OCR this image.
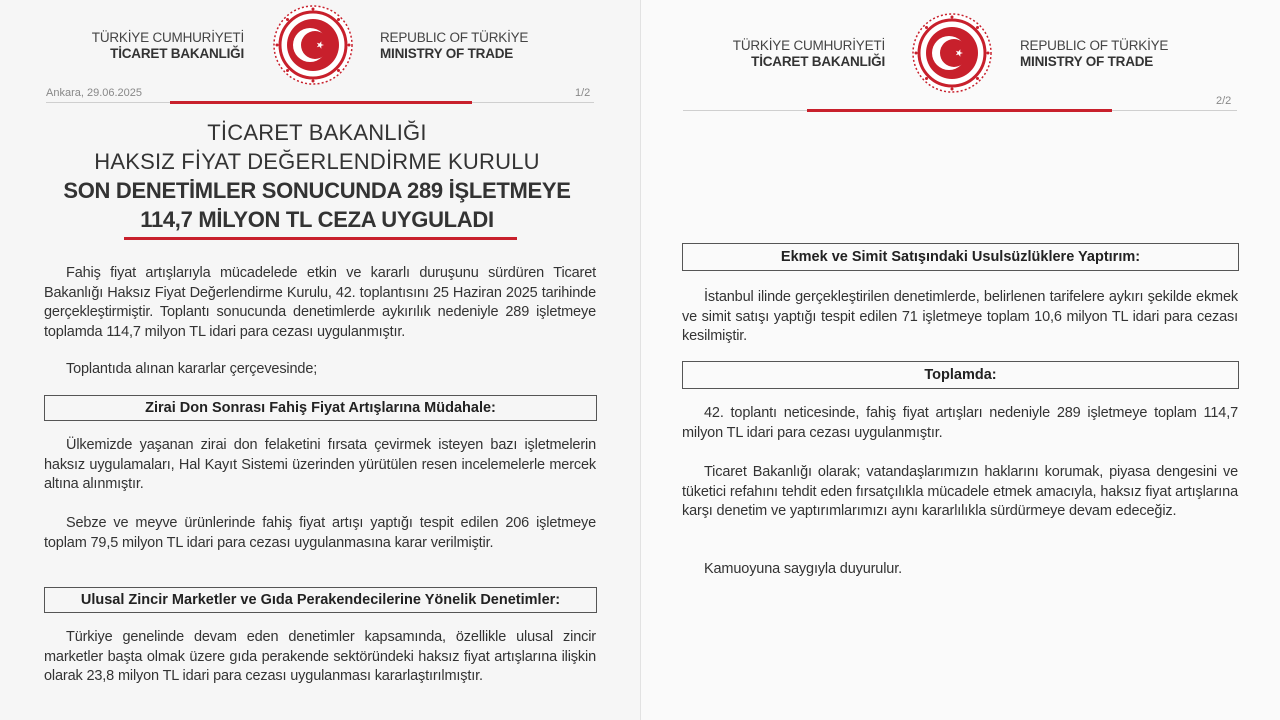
TÜRKİYE CUMHURİYETİ
TİCARET BAKANLIĞI
REPUBLIC OF TÜRKİYE
MINISTRY OF TRADE
Ankara, 29.06.2025	1/2
TİCARET BAKANLIĞI
HAKSIZ FİYAT DEĞERLENDİRME KURULU
SON DENETİMLER SONUCUNDA 289 İŞLETMEYE
114,7 MİLYON TL CEZA UYGULADI
Fahiş fiyat artışlarıyla mücadelede etkin ve kararlı duruşunu sürdüren Ticaret Bakanlığı Haksız Fiyat Değerlendirme Kurulu, 42. toplantısını 25 Haziran 2025 tarihinde gerçekleştirmiştir. Toplantı sonucunda denetimlerde aykırılık nedeniyle 289 işletmeye toplamda 114,7 milyon TL idari para cezası uygulanmıştır.
Toplantıda alınan kararlar çerçevesinde;
Zirai Don Sonrası Fahiş Fiyat Artışlarına Müdahale:
Ülkemizde yaşanan zirai don felaketini fırsata çevirmek isteyen bazı işletmelerin haksız uygulamaları, Hal Kayıt Sistemi üzerinden yürütülen resen incelemelerle mercek altına alınmıştır.
Sebze ve meyve ürünlerinde fahiş fiyat artışı yaptığı tespit edilen 206 işletmeye toplam 79,5 milyon TL idari para cezası uygulanmasına karar verilmiştir.
Ulusal Zincir Marketler ve Gıda Perakendecilerine Yönelik Denetimler:
Türkiye genelinde devam eden denetimler kapsamında, özellikle ulusal zincir marketler başta olmak üzere gıda perakende sektöründeki haksız fiyat artışlarına ilişkin olarak 23,8 milyon TL idari para cezası uygulanması kararlaştırılmıştır.
TÜRKİYE CUMHURİYETİ
TİCARET BAKANLIĞI
REPUBLIC OF TÜRKİYE
MINISTRY OF TRADE
2/2
Ekmek ve Simit Satışındaki Usulsüzlüklere Yaptırım:
İstanbul ilinde gerçekleştirilen denetimlerde, belirlenen tarifelere aykırı şekilde ekmek ve simit satışı yaptığı tespit edilen 71 işletmeye toplam 10,6 milyon TL idari para cezası kesilmiştir.
Toplamda:
42. toplantı neticesinde, fahiş fiyat artışları nedeniyle 289 işletmeye toplam 114,7 milyon TL idari para cezası uygulanmıştır.
Ticaret Bakanlığı olarak; vatandaşlarımızın haklarını korumak, piyasa dengesini ve tüketici refahını tehdit eden fırsatçılıkla mücadele etmek amacıyla, haksız fiyat artışlarına karşı denetim ve yaptırımlarımızı aynı kararlılıkla sürdürmeye devam edeceğiz.
Kamuoyuna saygıyla duyurulur.
